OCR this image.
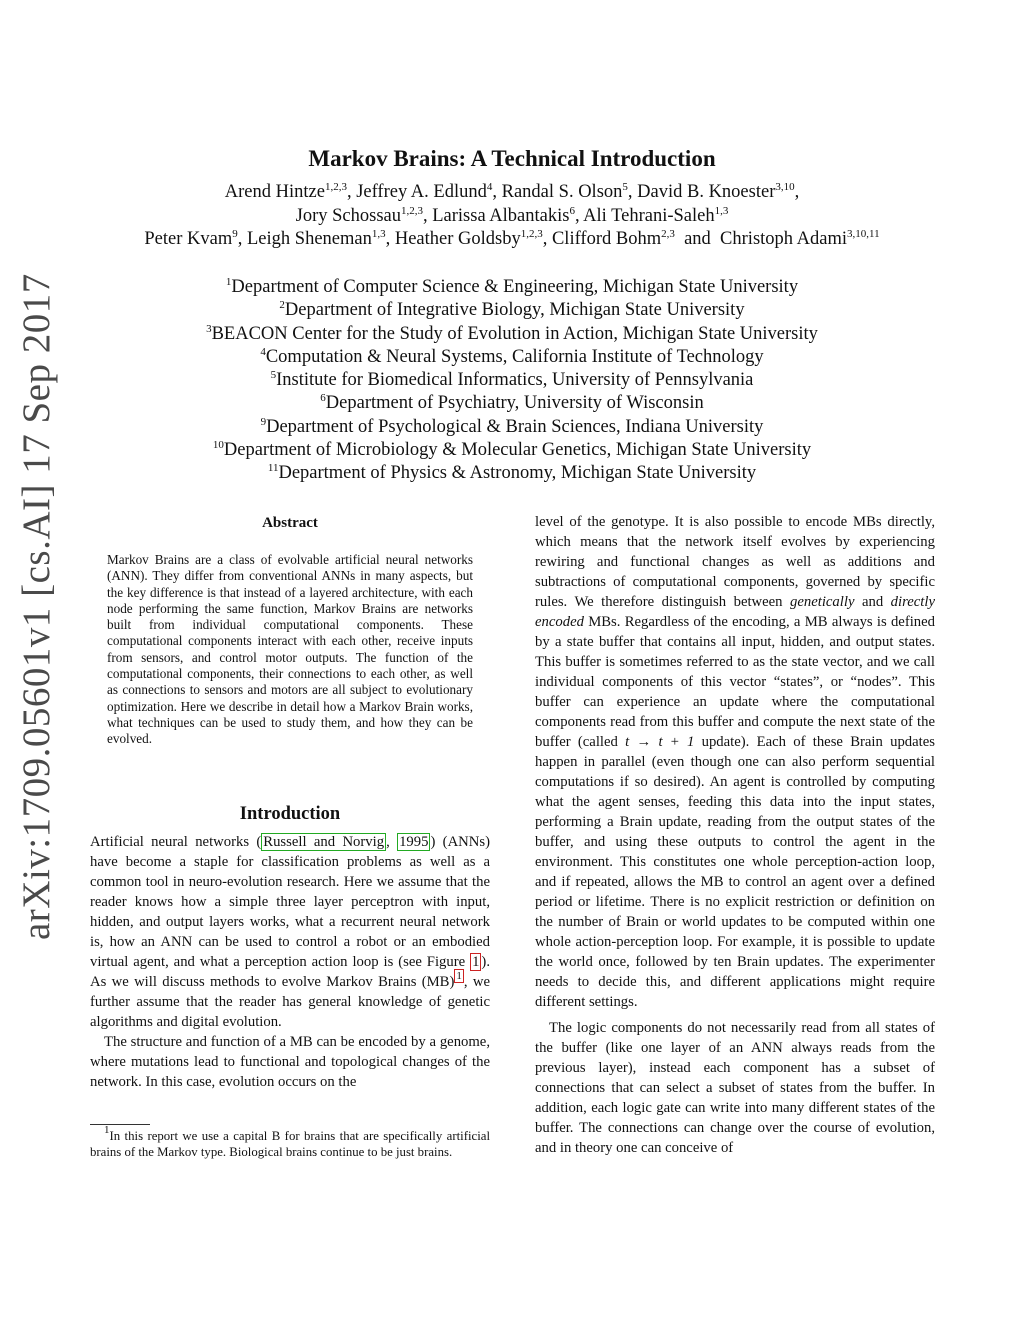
arXiv:1709.05601v1 [cs.AI] 17 Sep 2017
Markov Brains: A Technical Introduction
Arend Hintze$^{1,2,3}$, Jeffrey A. Edlund$^4$, Randal S. Olson$^5$, David B. Knoester$^{3,10}$,
Jory Schossau$^{1,2,3}$, Larissa Albantakis$^6$, Ali Tehrani-Saleh$^{1,3}$
Peter Kvam$^9$, Leigh Sheneman$^{1,3}$, Heather Goldsby$^{1,2,3}$, Clifford Bohm$^{2,3}$  and  Christoph Adami$^{3,10,11}$
$^1$Department of Computer Science & Engineering, Michigan State University
$^2$Department of Integrative Biology, Michigan State University
$^3$BEACON Center for the Study of Evolution in Action, Michigan State University
$^4$Computation & Neural Systems, California Institute of Technology
$^5$Institute for Biomedical Informatics, University of Pennsylvania
$^6$Department of Psychiatry, University of Wisconsin
$^9$Department of Psychological & Brain Sciences, Indiana University
$^{10}$Department of Microbiology & Molecular Genetics, Michigan State University
$^{11}$Department of Physics & Astronomy, Michigan State University
Abstract
Markov Brains are a class of evolvable artificial neural networks (ANN). They differ from conventional ANNs in many aspects, but the key difference is that instead of a layered architecture, with each node performing the same function, Markov Brains are networks built from individual computational components. These computational components interact with each other, receive inputs from sensors, and control motor outputs. The function of the computational components, their connections to each other, as well as connections to sensors and motors are all subject to evolutionary optimization. Here we describe in detail how a Markov Brain works, what techniques can be used to study them, and how they can be evolved.
Introduction

Artificial neural networks ( Russell and Norvig , 1995 ) (ANNs) have become a staple for classification problems as well as a common tool in neuro-evolution research. Here we assume that the reader knows how a simple three layer perceptron with input, hidden, and output layers works, what a recurrent neural network is, how an ANN can be used to control a robot or an embodied virtual agent, and what a perception action loop is (see Figure 1 ). As we will discuss methods to evolve Markov Brains (MB) $^1$ , we further assume that the reader has general knowledge of genetic algorithms and digital evolution.

The structure and function of a MB can be encoded by a genome, where mutations lead to functional and topological changes of the network. In this case, evolution occurs on the

$^1$In this report we use a capital B for brains that are specifically artificial brains of the Markov type. Biological brains continue to be just brains.

level of the genotype. It is also possible to encode MBs directly, which means that the network itself evolves by experiencing rewiring and functional changes as well as additions and subtractions of computational components, governed by specific rules. We therefore distinguish between genetically and directly encoded MBs. Regardless of the encoding, a MB always is defined by a state buffer that contains all input, hidden, and output states. This buffer is sometimes referred to as the state vector, and we call individual components of this vector “states”, or “nodes”. This buffer can experience an update where the computational components read from this buffer and compute the next state of the buffer (called t → t + 1 update). Each of these Brain updates happen in parallel (even though one can also perform sequential computations if so desired). An agent is controlled by computing what the agent senses, feeding this data into the input states, performing a Brain update, reading from the output states of the buffer, and using these outputs to control the agent in the environment. This constitutes one whole perception-action loop, and if repeated, allows the MB to control an agent over a defined period or lifetime. There is no explicit restriction or definition on the number of Brain or world updates to be computed within one whole action-perception loop. For example, it is possible to update the world once, followed by ten Brain updates. The experimenter needs to decide this, and different applications might require different settings.

The logic components do not necessarily read from all states of the buffer (like one layer of an ANN always reads from the previous layer), instead each component has a subset of connections that can select a subset of states from the buffer. In addition, each logic gate can write into many different states of the buffer. The connections can change over the course of evolution, and in theory one can conceive of
